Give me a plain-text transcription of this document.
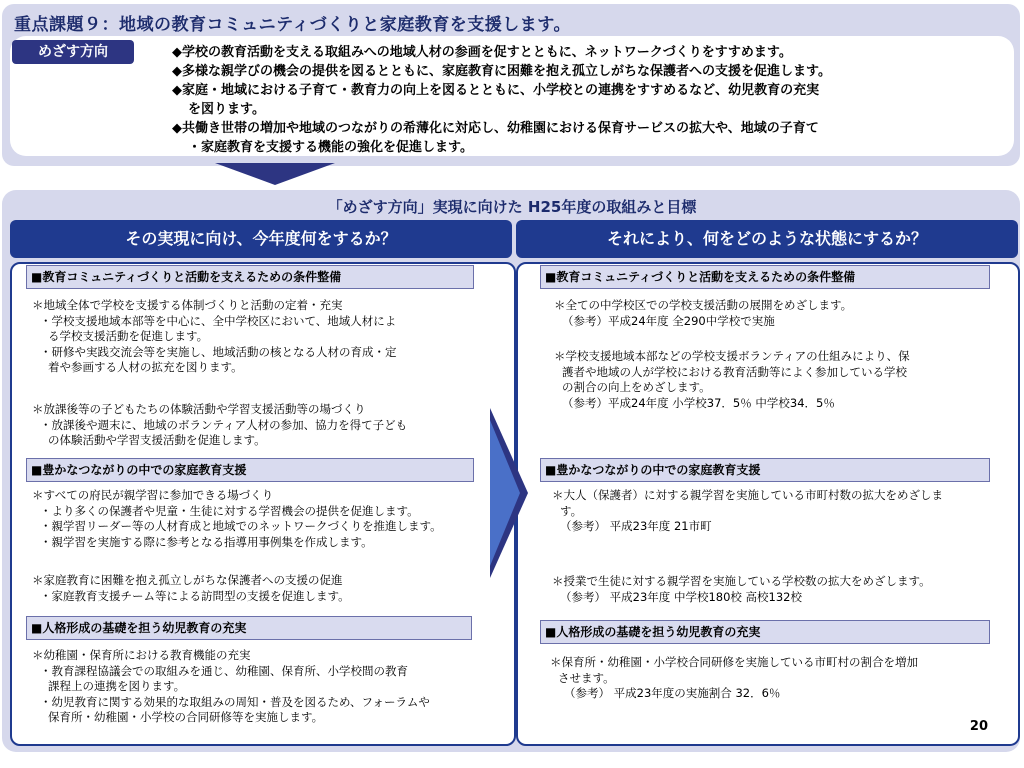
重点課題９：地域の教育コミュニティづくりと家庭教育を支援します。
めざす方向	◆学校の教育活動を支える取組みへの地域人材の参画を促すとともに、ネットワークづくりをすすめます。
◆多様な親学びの機会の提供を図るとともに、家庭教育に困難を抱え孤立しがちな保護者への支援を促進します。
◆家庭・地域における子育て・教育力の向上を図るとともに、小学校との連携をすすめるなど、幼児教育の充実
を図ります。
◆共働き世帯の増加や地域のつながりの希薄化に対応し、幼稚園における保育サービスの拡大や、地域の子育て
・家庭教育を支援する機能の強化を促進します。
「めざす方向」実現に向けた H25年度の取組みと目標
その実現に向け、今年度何をするか？	それにより、何をどのような状態にするか？
■教育コミュニティづくりと活動を支えるための条件整備
＊地域全体で学校を支援する体制づくりと活動の定着・充実
・学校支援地域本部等を中心に、全中学校区において、地域人材によ
る学校支援活動を促進します。
・研修や実践交流会等を実施し、地域活動の核となる人材の育成・定
着や参画する人材の拡充を図ります。
＊放課後等の子どもたちの体験活動や学習支援活動等の場づくり
・放課後や週末に、地域のボランティア人材の参加、協力を得て子ども
の体験活動や学習支援活動を促進します。
■豊かなつながりの中での家庭教育支援
＊すべての府民が親学習に参加できる場づくり
・より多くの保護者や児童・生徒に対する学習機会の提供を促進します。
・親学習リーダー等の人材育成と地域でのネットワークづくりを推進します。
・親学習を実施する際に参考となる指導用事例集を作成します。
＊家庭教育に困難を抱え孤立しがちな保護者への支援の促進
・家庭教育支援チーム等による訪問型の支援を促進します。
■人格形成の基礎を担う幼児教育の充実
＊幼稚園・保育所における教育機能の充実
・教育課程協議会での取組みを通じ、幼稚園、保育所、小学校間の教育
課程上の連携を図ります。
・幼児教育に関する効果的な取組みの周知・普及を図るため、フォーラムや
保育所・幼稚園・小学校の合同研修等を実施します。
■教育コミュニティづくりと活動を支えるための条件整備
＊全ての中学校区での学校支援活動の展開をめざします。
（参考）平成24年度 全290中学校で実施
＊学校支援地域本部などの学校支援ボランティアの仕組みにより、保
護者や地域の人が学校における教育活動等によく参加している学校
の割合の向上をめざします。
（参考）平成24年度 小学校37．5％ 中学校34．5％
■豊かなつながりの中での家庭教育支援
＊大人（保護者）に対する親学習を実施している市町村数の拡大をめざしま
す。
（参考） 平成23年度 21市町
＊授業で生徒に対する親学習を実施している学校数の拡大をめざします。
（参考） 平成23年度 中学校180校 高校132校
■人格形成の基礎を担う幼児教育の充実
＊保育所・幼稚園・小学校合同研修を実施している市町村の割合を増加
させます。
（参考） 平成23年度の実施割合 32．6％
20
